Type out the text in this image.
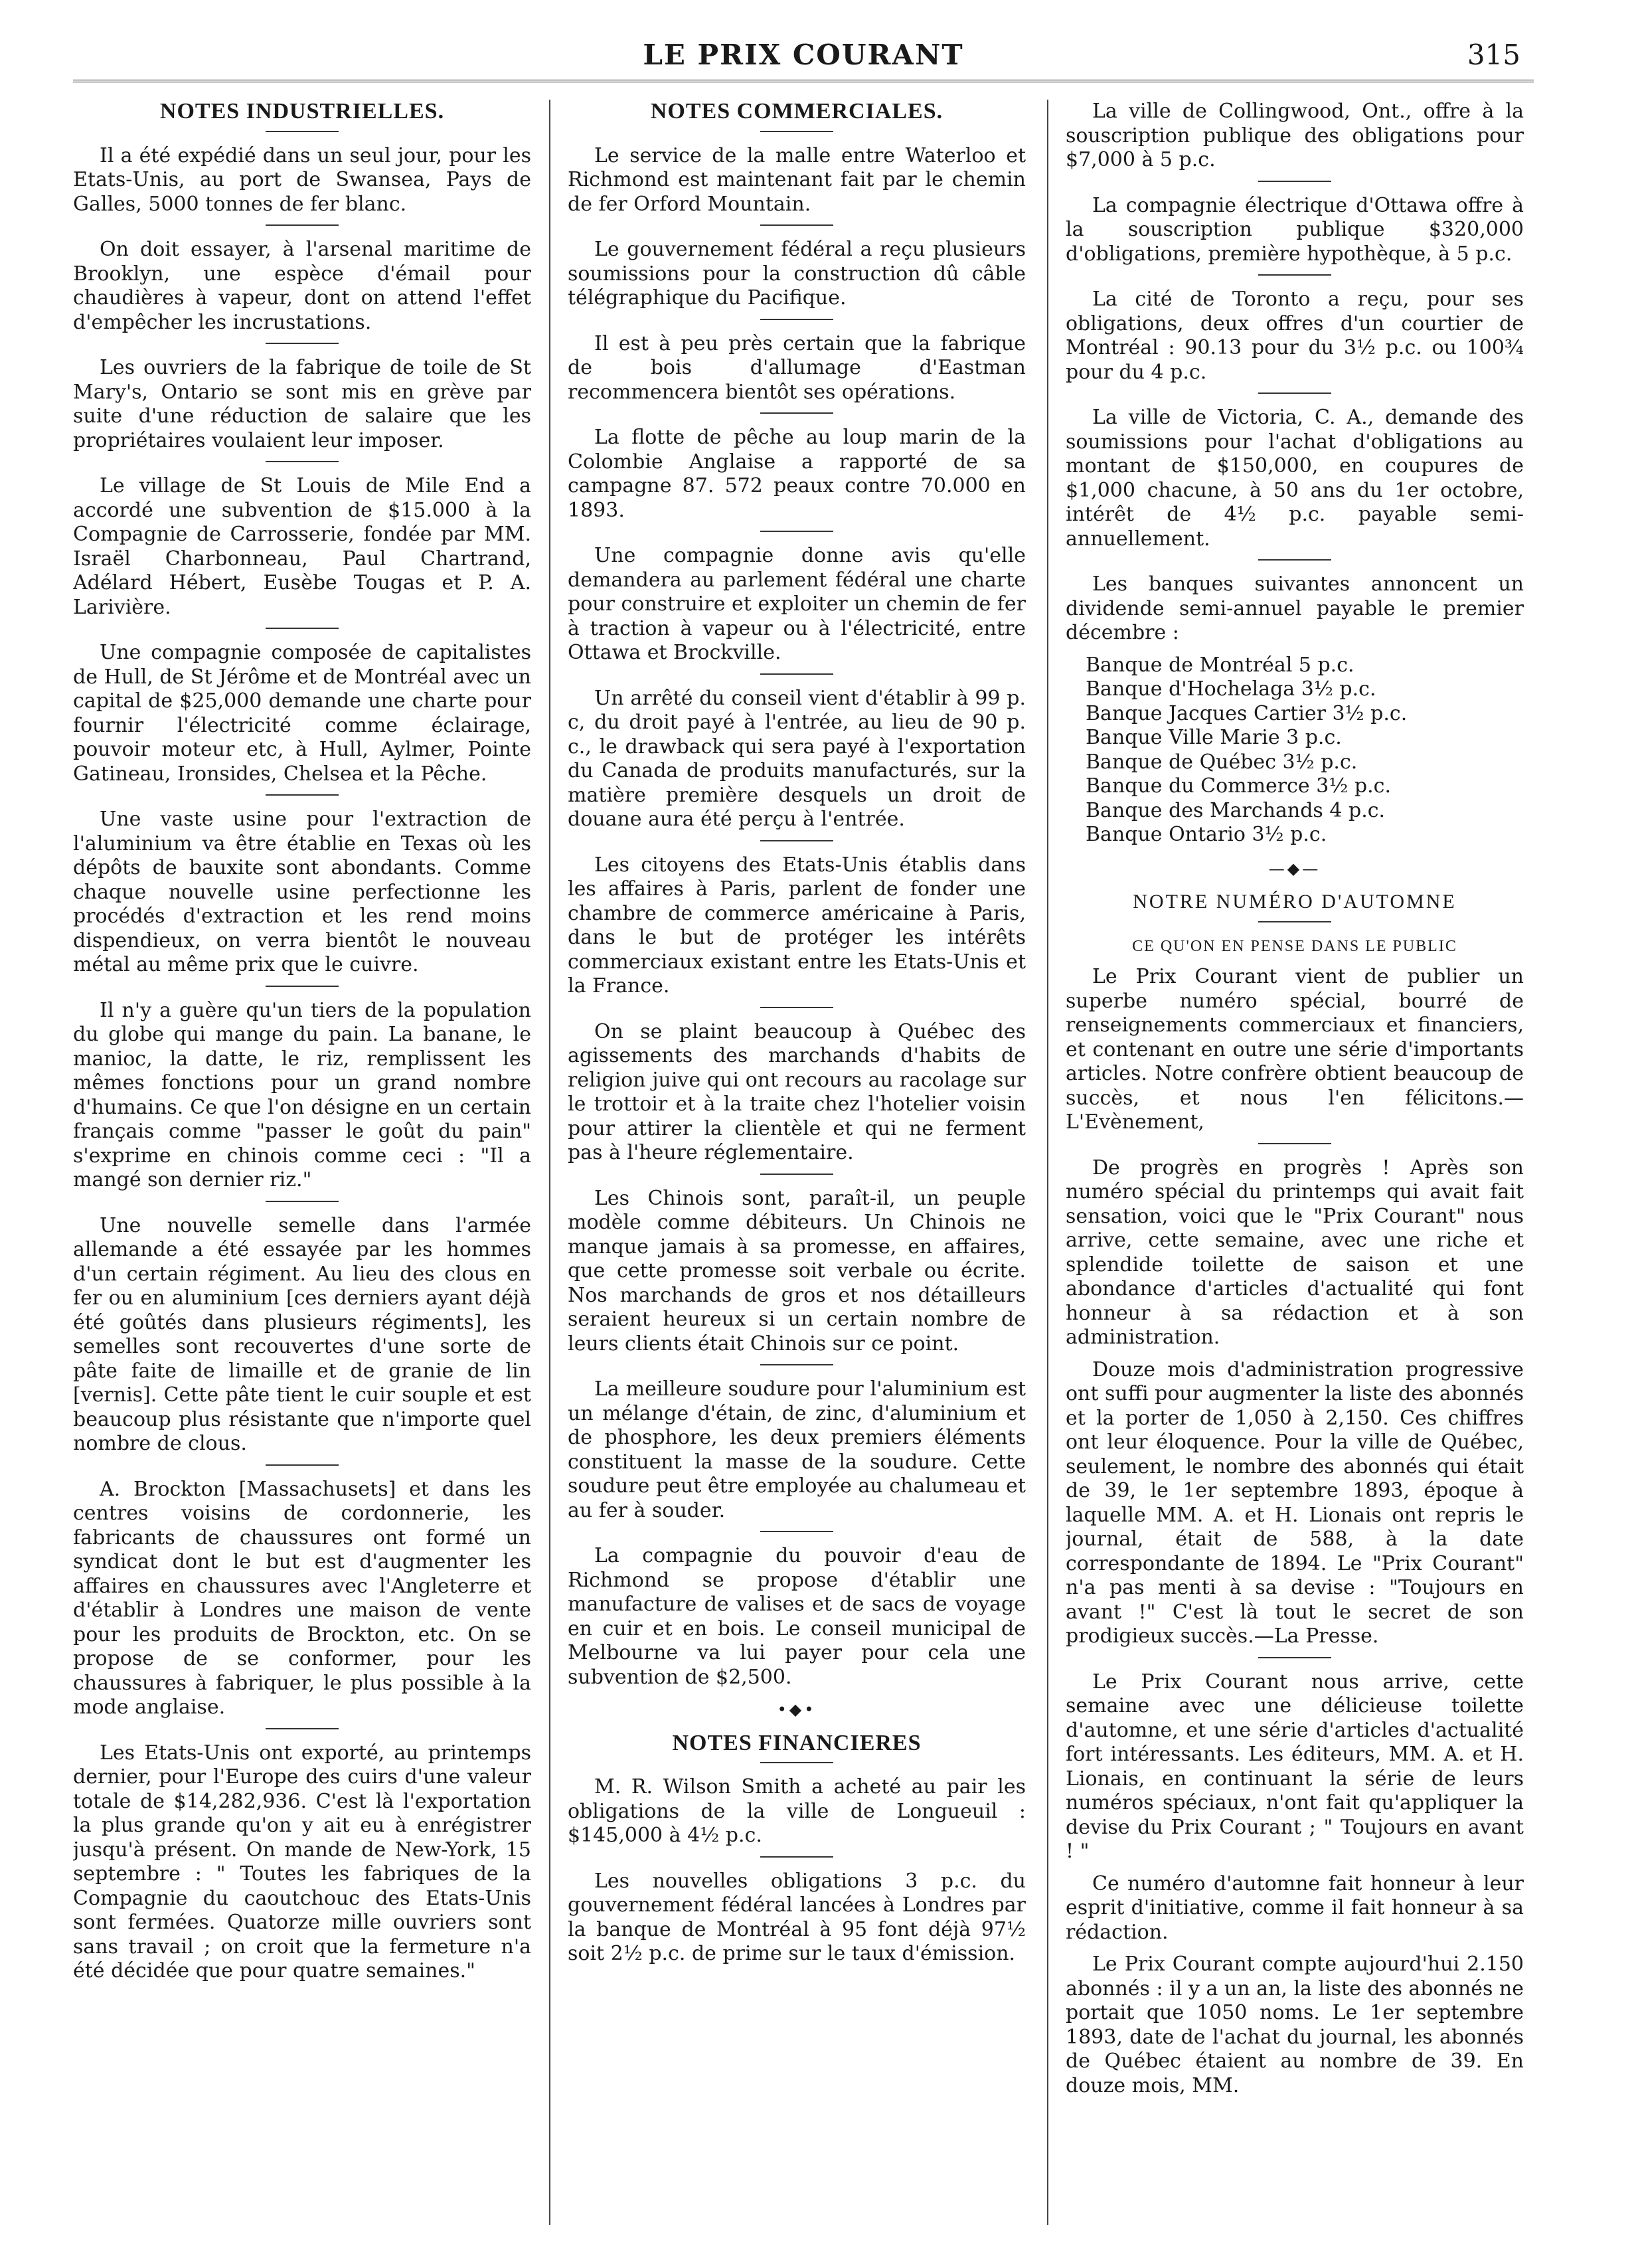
LE PRIX COURANT	315
NOTES INDUSTRIELLES.

Il a été expédié dans un seul jour, pour les Etats-Unis, au port de Swansea, Pays de Galles, 5000 tonnes de fer blanc.

On doit essayer, à l'arsenal maritime de Brooklyn, une espèce d'émail pour chaudières à vapeur, dont on attend l'effet d'empêcher les incrustations.

Les ouvriers de la fabrique de toile de St Mary's, Ontario se sont mis en grève par suite d'une réduction de salaire que les propriétaires voulaient leur imposer.

Le village de St Louis de Mile End a accordé une subvention de $15.000 à la Compagnie de Carrosserie, fondée par MM. Israël Charbonneau, Paul Chartrand, Adélard Hébert, Eusèbe Tougas et P. A. Larivière.

Une compagnie composée de capitalistes de Hull, de St Jérôme et de Montréal avec un capital de $25,000 demande une charte pour fournir l'électricité comme éclairage, pouvoir moteur etc, à Hull, Aylmer, Pointe Gatineau, Ironsides, Chelsea et la Pêche.

Une vaste usine pour l'extraction de l'aluminium va être établie en Texas où les dépôts de bauxite sont abondants. Comme chaque nouvelle usine perfectionne les procédés d'extraction et les rend moins dispendieux, on verra bientôt le nouveau métal au même prix que le cuivre.

Il n'y a guère qu'un tiers de la population du globe qui mange du pain. La banane, le manioc, la datte, le riz, remplissent les mêmes fonctions pour un grand nombre d'humains. Ce que l'on désigne en un certain français comme "passer le goût du pain" s'exprime en chinois comme ceci : "Il a mangé son dernier riz."

Une nouvelle semelle dans l'armée allemande a été essayée par les hommes d'un certain régiment. Au lieu des clous en fer ou en aluminium [ces derniers ayant déjà été goûtés dans plusieurs régiments], les semelles sont recouvertes d'une sorte de pâte faite de limaille et de granie de lin [vernis]. Cette pâte tient le cuir souple et est beaucoup plus résistante que n'importe quel nombre de clous.

A. Brockton [Massachusets] et dans les centres voisins de cordonnerie, les fabricants de chaussures ont formé un syndicat dont le but est d'augmenter les affaires en chaussures avec l'Angleterre et d'établir à Londres une maison de vente pour les produits de Brockton, etc. On se propose de se conformer, pour les chaussures à fabriquer, le plus possible à la mode anglaise.

Les Etats-Unis ont exporté, au printemps dernier, pour l'Europe des cuirs d'une valeur totale de $14,282,936. C'est là l'exportation la plus grande qu'on y ait eu à enrégistrer jusqu'à présent. On mande de New-York, 15 septembre : " Toutes les fabriques de la Compagnie du caoutchouc des Etats-Unis sont fermées. Quatorze mille ouvriers sont sans travail ; on croit que la fermeture n'a été décidée que pour quatre semaines."

NOTES COMMERCIALES.

Le service de la malle entre Waterloo et Richmond est maintenant fait par le chemin de fer Orford Mountain.

Le gouvernement fédéral a reçu plusieurs soumissions pour la construction dû câble télégraphique du Pacifique.

Il est à peu près certain que la fabrique de bois d'allumage d'Eastman recommencera bientôt ses opérations.

La flotte de pêche au loup marin de la Colombie Anglaise a rapporté de sa campagne 87. 572 peaux contre 70.000 en 1893.

Une compagnie donne avis qu'elle demandera au parlement fédéral une charte pour construire et exploiter un chemin de fer à traction à vapeur ou à l'électricité, entre Ottawa et Brockville.

Un arrêté du conseil vient d'établir à 99 p. c, du droit payé à l'entrée, au lieu de 90 p. c., le drawback qui sera payé à l'exportation du Canada de produits manufacturés, sur la matière première desquels un droit de douane aura été perçu à l'entrée.

Les citoyens des Etats-Unis établis dans les affaires à Paris, parlent de fonder une chambre de commerce américaine à Paris, dans le but de protéger les intérêts commerciaux existant entre les Etats-Unis et la France.

On se plaint beaucoup à Québec des agissements des marchands d'habits de religion juive qui ont recours au racolage sur le trottoir et à la traite chez l'hotelier voisin pour attirer la clientèle et qui ne ferment pas à l'heure réglementaire.

Les Chinois sont, paraît-il, un peuple modèle comme débiteurs. Un Chinois ne manque jamais à sa promesse, en affaires, que cette promesse soit verbale ou écrite. Nos marchands de gros et nos détailleurs seraient heureux si un certain nombre de leurs clients était Chinois sur ce point.

La meilleure soudure pour l'aluminium est un mélange d'étain, de zinc, d'aluminium et de phosphore, les deux premiers éléments constituent la masse de la soudure. Cette soudure peut être employée au chalumeau et au fer à souder.

La compagnie du pouvoir d'eau de Richmond se propose d'établir une manufacture de valises et de sacs de voyage en cuir et en bois. Le conseil municipal de Melbourne va lui payer pour cela une subvention de $2,500.

•◆•
NOTES FINANCIERES

M. R. Wilson Smith a acheté au pair les obligations de la ville de Longueuil : $145,000 à 4½ p.c.

Les nouvelles obligations 3 p.c. du gouvernement fédéral lancées à Londres par la banque de Montréal à 95 font déjà 97½ soit 2½ p.c. de prime sur le taux d'émission.

La ville de Collingwood, Ont., offre à la souscription publique des obligations pour $7,000 à 5 p.c.

La compagnie électrique d'Ottawa offre à la souscription publique $320,000 d'obligations, première hypothèque, à 5 p.c.

La cité de Toronto a reçu, pour ses obligations, deux offres d'un courtier de Montréal : 90.13 pour du 3½ p.c. ou 100¾ pour du 4 p.c.

La ville de Victoria, C. A., demande des soumissions pour l'achat d'obligations au montant de $150,000, en coupures de $1,000 chacune, à 50 ans du 1er octobre, intérêt de 4½ p.c. payable semi-annuellement.

Les banques suivantes annoncent un dividende semi-annuel payable le premier décembre :

Banque de Montréal 5 p.c.
Banque d'Hochelaga 3½ p.c.
Banque Jacques Cartier 3½ p.c.
Banque Ville Marie 3 p.c.
Banque de Québec 3½ p.c.
Banque du Commerce 3½ p.c.
Banque des Marchands 4 p.c.
Banque Ontario 3½ p.c.
—◆—
NOTRE NUMÉRO D'AUTOMNE
CE QU'ON EN PENSE DANS LE PUBLIC

Le Prix Courant vient de publier un superbe numéro spécial, bourré de renseignements commerciaux et financiers, et contenant en outre une série d'importants articles. Notre confrère obtient beaucoup de succès, et nous l'en félicitons.—L'Evènement,

De progrès en progrès ! Après son numéro spécial du printemps qui avait fait sensation, voici que le "Prix Courant" nous arrive, cette semaine, avec une riche et splendide toilette de saison et une abondance d'articles d'actualité qui font honneur à sa rédaction et à son administration.

Douze mois d'administration progressive ont suffi pour augmenter la liste des abonnés et la porter de 1,050 à 2,150. Ces chiffres ont leur éloquence. Pour la ville de Québec, seulement, le nombre des abonnés qui était de 39, le 1er septembre 1893, époque à laquelle MM. A. et H. Lionais ont repris le journal, était de 588, à la date correspondante de 1894. Le "Prix Courant" n'a pas menti à sa devise : "Toujours en avant !" C'est là tout le secret de son prodigieux succès.—La Presse.

Le Prix Courant nous arrive, cette semaine avec une délicieuse toilette d'automne, et une série d'articles d'actualité fort intéressants. Les éditeurs, MM. A. et H. Lionais, en continuant la série de leurs numéros spéciaux, n'ont fait qu'appliquer la devise du Prix Courant ; " Toujours en avant ! "

Ce numéro d'automne fait honneur à leur esprit d'initiative, comme il fait honneur à sa rédaction.

Le Prix Courant compte aujourd'hui 2.150 abonnés : il y a un an, la liste des abonnés ne portait que 1050 noms. Le 1er septembre 1893, date de l'achat du journal, les abonnés de Québec étaient au nombre de 39. En douze mois, MM.
